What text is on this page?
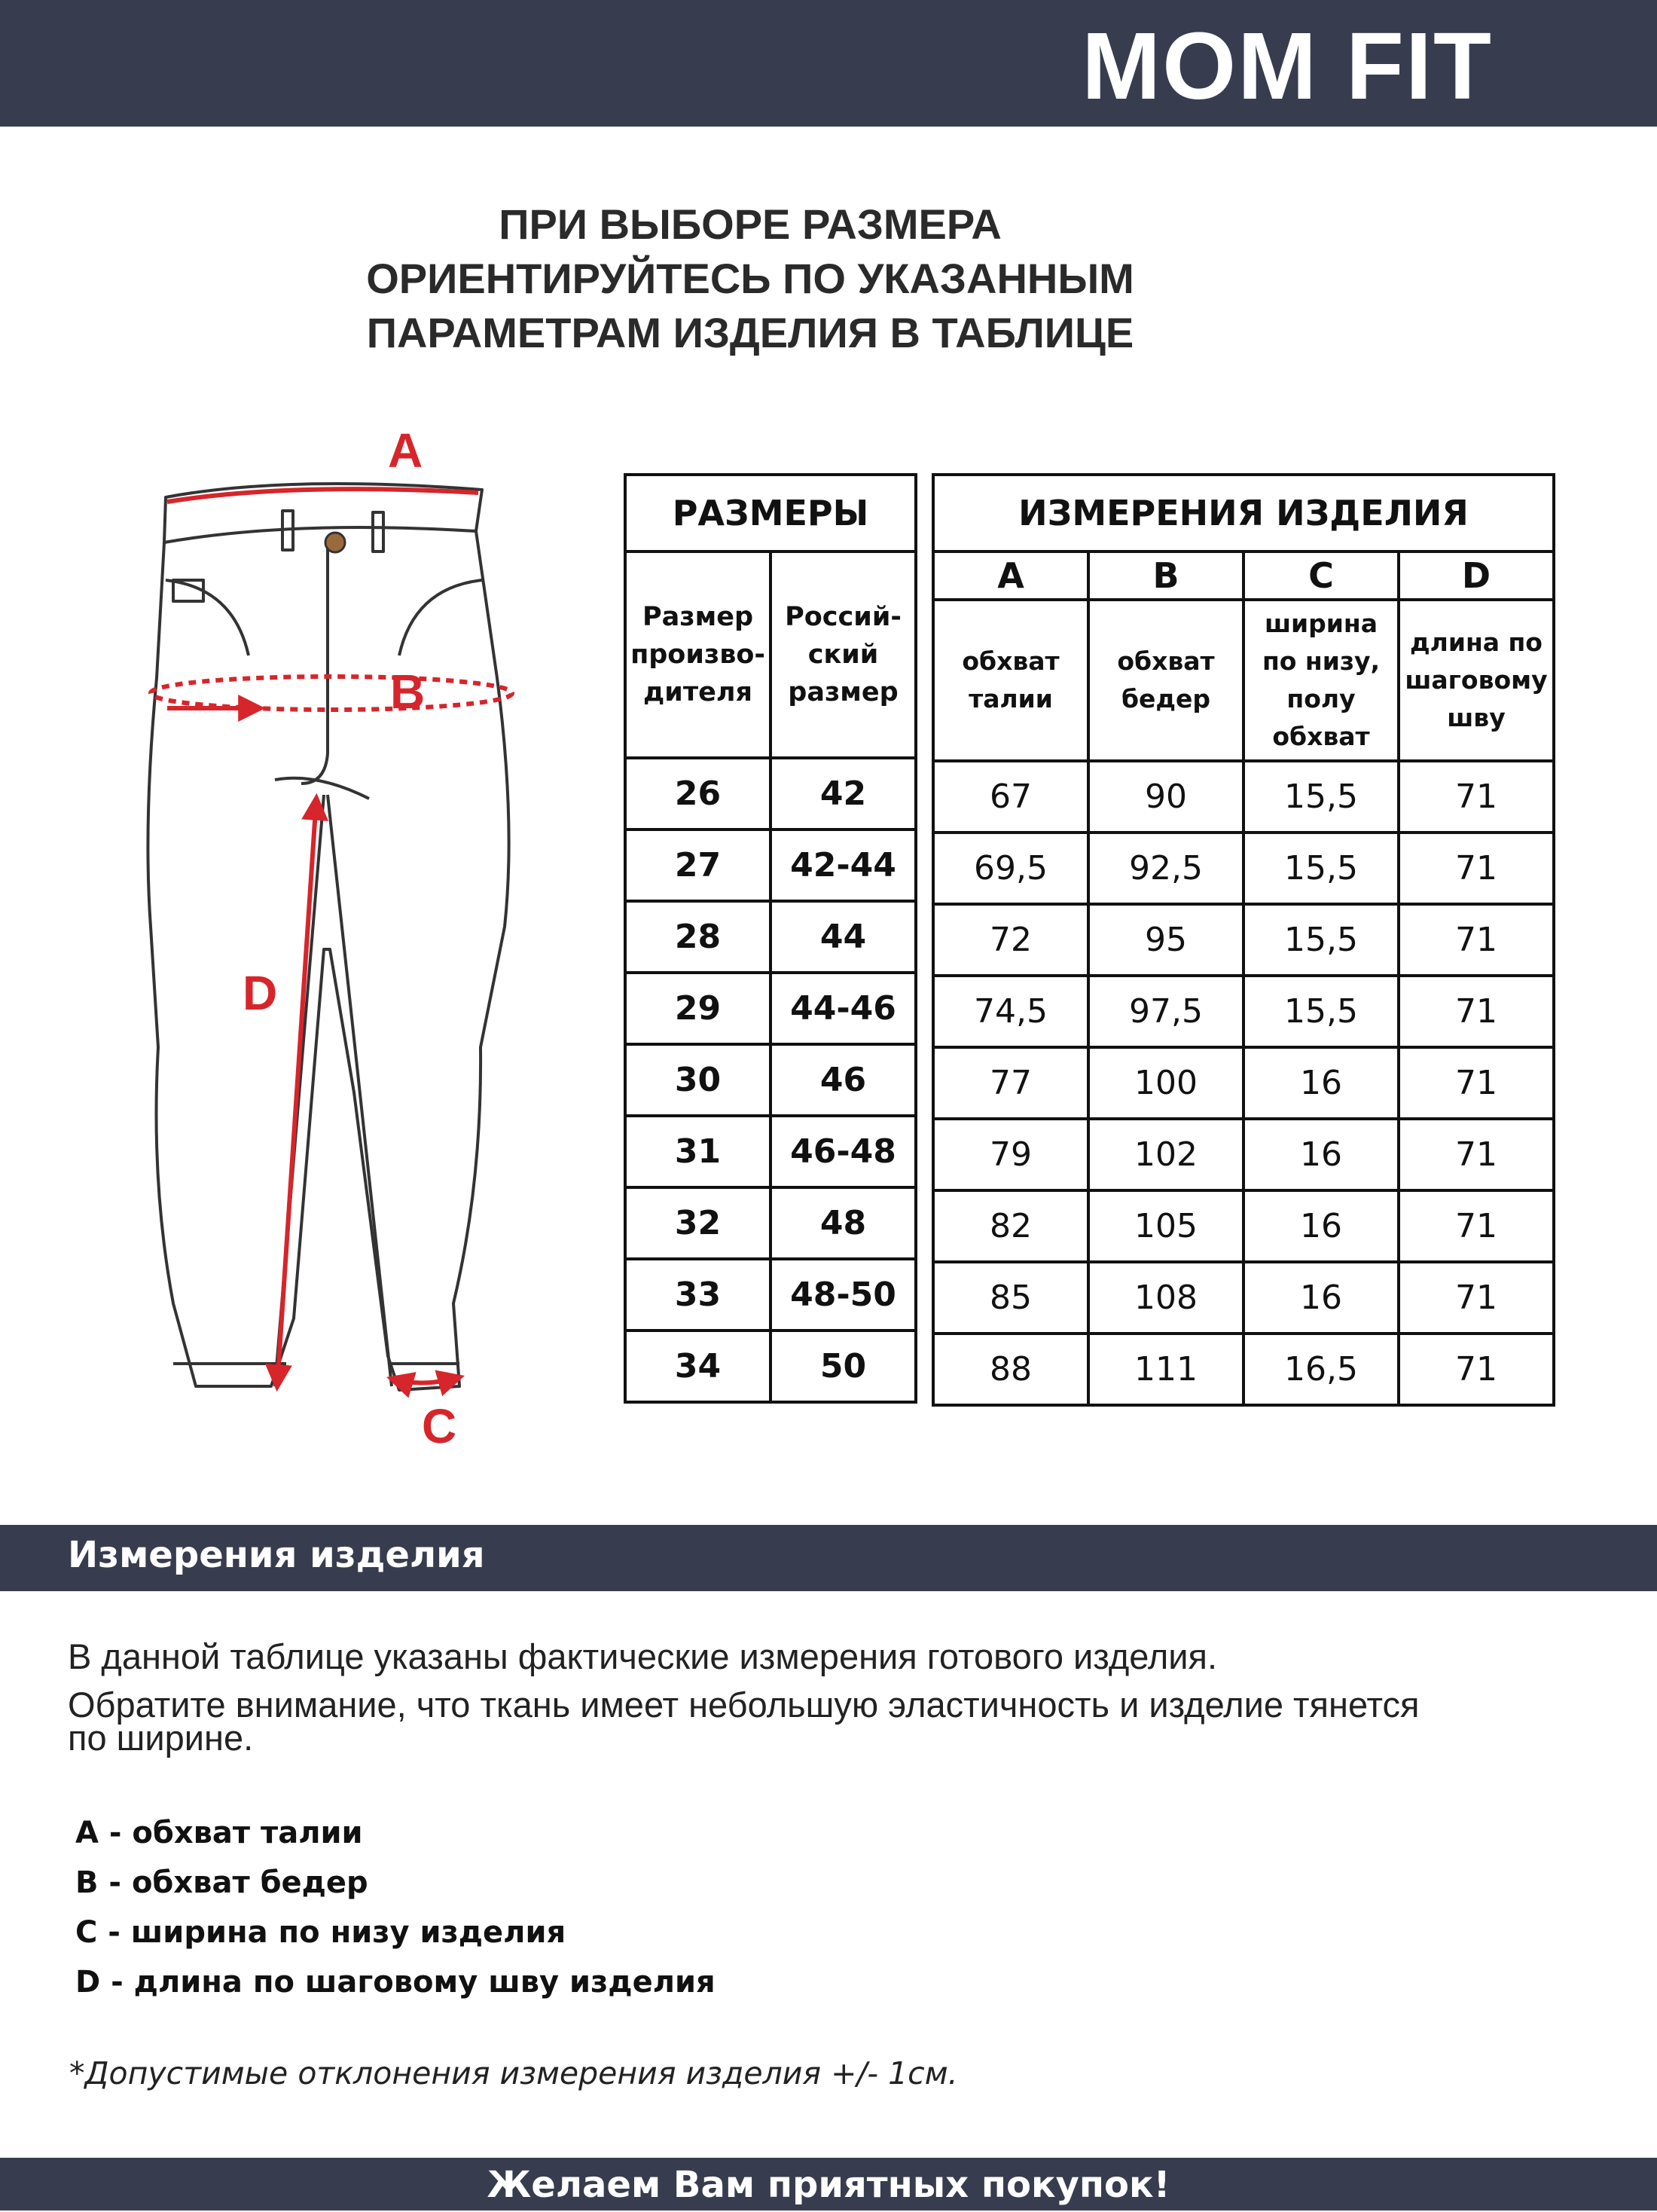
MOM FIT
ПРИ ВЫБОРЕ РАЗМЕРА
ОРИЕНТИРУЙТЕСЬ ПО УКАЗАННЫМ
ПАРАМЕТРАМ ИЗДЕЛИЯ В ТАБЛИЦЕ
A
B
D
C
РАЗМЕРЫ	
Размер произво-дителя	Россий-ский размер
26	42
27	42-44
28	44
29	44-46
30	46
31	46-48
32	48
33	48-50
34	50
ИЗМЕРЕНИЯ ИЗДЕЛИЯ			
A	B	C	D
обхват талии	обхват бедер	ширина по низу, полу обхват	длина по шаговому шву
67	90	15,5	71
69,5	92,5	15,5	71
72	95	15,5	71
74,5	97,5	15,5	71
77	100	16	71
79	102	16	71
82	105	16	71
85	108	16	71
88	111	16,5	71
Измерения изделия
В данной таблице указаны фактические измерения готового изделия.
Обратите внимание, что ткань имеет небольшую эластичность и изделие тянется
по ширине.
A - обхват талии
B - обхват бедер
C - ширина по низу изделия
D - длина по шаговому шву изделия
*Допустимые отклонения измерения изделия +/- 1см.
Желаем Вам приятных покупок!
